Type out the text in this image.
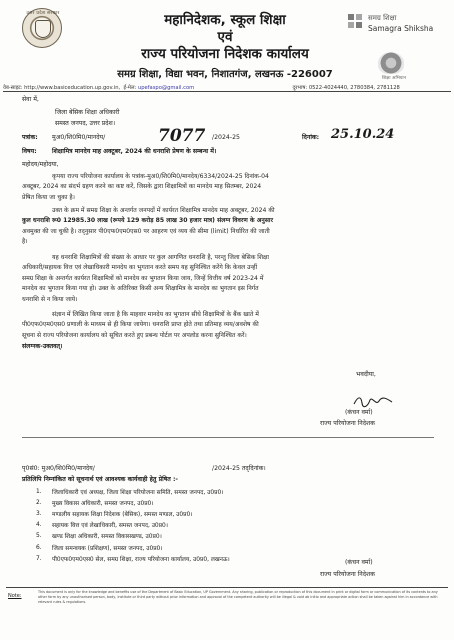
उत्तर प्रदेश सरकार	महानिदेशक, स्कूल शिक्षा
एवं
राज्य परियोजना निदेशक कार्यालय
समग्र शिक्षा, विद्या भवन, निशातगंज, लखनऊ -226007
समग्र शिक्षा
Samagra Shiksha
शिक्षा अभियान
वेब-साइट: http://www.basiceducation.up.gov.in, ई-मेल: upefaspo@gmail.com	दूरभाष: 0522-4024440, 2780384, 2781128
सेवा में,
जिला बेसिक शिक्षा अधिकारी
समस्त जनपद, उत्तर प्रदेश।
पत्रांक: मुअ0/शि0मि0/मानदेय/	7077 /2024-25	दिनांक: 25.10.24
विषय: शिक्षामित्र मानदेय माह अक्टूबर, 2024 की धनराशि प्रेषण के सम्बन्ध में।
महोदय/महोदया,

कृपया राज्य परियोजना कार्यालय के पत्रांक-मुअ0/शि0मि0/मानदेय/6334/2024-25 दिनांक-04

अक्टूबर, 2024 का संदर्भ ग्रहण करने का कष्ट करें, जिसके द्वारा शिक्षामित्रों का मानदेय माह सितम्बर, 2024

प्रेषित किया जा चुका है।

उक्त के क्रम में समग्र शिक्षा के अन्तर्गत जनपदों में कार्यरत शिक्षामित्र मानदेय माह अक्टूबर, 2024 की

कुल धनराशि रू0 12985.30 लाख (रूपये 129 करोड़ 85 लाख 30 हजार मात्र) संलग्न विवरण के अनुसार

अवमुक्त की जा चुकी है। तद्नुसार पी0एफ0एम0एस0 पर आहरण एवं व्यय की सीमा (limit) निर्धारित की जाती

है।

यह धनराशि शिक्षामित्रों की संख्या के आधार पर कुल आगणित धनराशि है, परन्तु जिला बेसिक शिक्षा

अधिकारी/सहायक वित्त एवं लेखाधिकारी मानदेय का भुगतान करते समय यह सुनिश्चित करेंगे कि केवल उन्हीं

समग्र शिक्षा के अन्तर्गत कार्यरत शिक्षामित्रों को मानदेय का भुगतान किया जाय, जिन्हें वित्तीय वर्ष 2023-24 में

मानदेय का भुगतान किया गया हो। उक्त के अतिरिक्त किसी अन्य शिक्षामित्र के मानदेय का भुगतान इस निर्गत

धनराशि से न किया जाये।

संज्ञान में लिखित किया जाता है कि माहवार मानदेय का भुगतान सीधे शिक्षामित्रों के बैंक खाते में

पी0एफ0एम0एस0 प्रणाली के माध्यम से ही किया जायेगा। धनराशि प्राप्त होते तथा प्रतिमाह व्यय/अवशेष की

सूचना से राज्य परियोजना कार्यालय को सूचित करते हुए प्रबन्ध पोर्टल पर अपलोड करना सुनिश्चित करें।

संलग्नक-उक्तवत्।
भवदीया,
(कंचन वर्मा)
राज्य परियोजना निदेशक
पृ0सं0: मुअ0/शि0मि0/मानदेय/	/2024-25 तद्‌दिनांक।
प्रतिलिपि निम्नांकित को सूचनार्थ एवं आवश्यक कार्यवाही हेतु प्रेषित :-
1.	जिलाधिकारी एवं अध्यक्ष, जिला शिक्षा परियोजना समिति, समस्त जनपद, उ0प्र0।
2.	मुख्य विकास अधिकारी, समस्त जनपद, उ0प्र0।
3.	मण्डलीय सहायक शिक्षा निदेशक (बेसिक), समस्त मण्डल, उ0प्र0।
4.	सहायक वित्त एवं लेखाधिकारी, समस्त जनपद, उ0प्र0।
5.	खण्ड शिक्षा अधिकारी, समस्त विकासखण्ड, उ0प्र0।
6.	जिला समन्वयक (प्रशिक्षण), समस्त जनपद, उ0प्र0।
7.	पी0एफ0एम0एस0 सेल, समग्र शिक्षा, राज्य परियोजना कार्यालय, उ0प्र0, लखनऊ।	(कंचन वर्मा)
राज्य परियोजना निदेशक
Note:
This document is only for the knowledge and benefits use of the Department of Basic Education, UP Government. Any sharing, publication or reproduction of this document in print or digital form or communication of its contents to any other form by any unauthorised person, body, institute or third party without prior information and approval of the competent authority will be illegal & void ab initio and appropriate action shall be taken against him in accordance with relevant rules & regulations.
